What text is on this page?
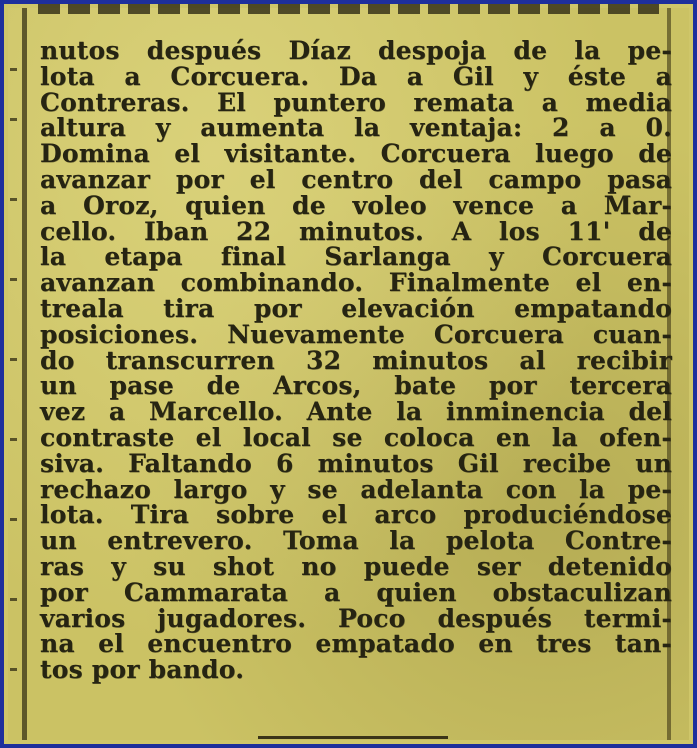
nutos después Díaz despoja de la pe-
lota a Corcuera. Da a Gil y éste a
Contreras. El puntero remata a media
altura y aumenta la ventaja: 2 a 0.
Domina el visitante. Corcuera luego de
avanzar por el centro del campo pasa
a Oroz, quien de voleo vence a Mar-
cello. Iban 22 minutos. A los 11' de
la etapa final Sarlanga y Corcuera
avanzan combinando. Finalmente el en-
treala tira por elevación empatando
posiciones. Nuevamente Corcuera cuan-
do transcurren 32 minutos al recibir
un pase de Arcos, bate por tercera
vez a Marcello. Ante la inminencia del
contraste el local se coloca en la ofen-
siva. Faltando 6 minutos Gil recibe un
rechazo largo y se adelanta con la pe-
lota. Tira sobre el arco produciéndose
un entrevero. Toma la pelota Contre-
ras y su shot no puede ser detenido
por Cammarata a quien obstaculizan
varios jugadores. Poco después termi-
na el encuentro empatado en tres tan-
tos por bando.
